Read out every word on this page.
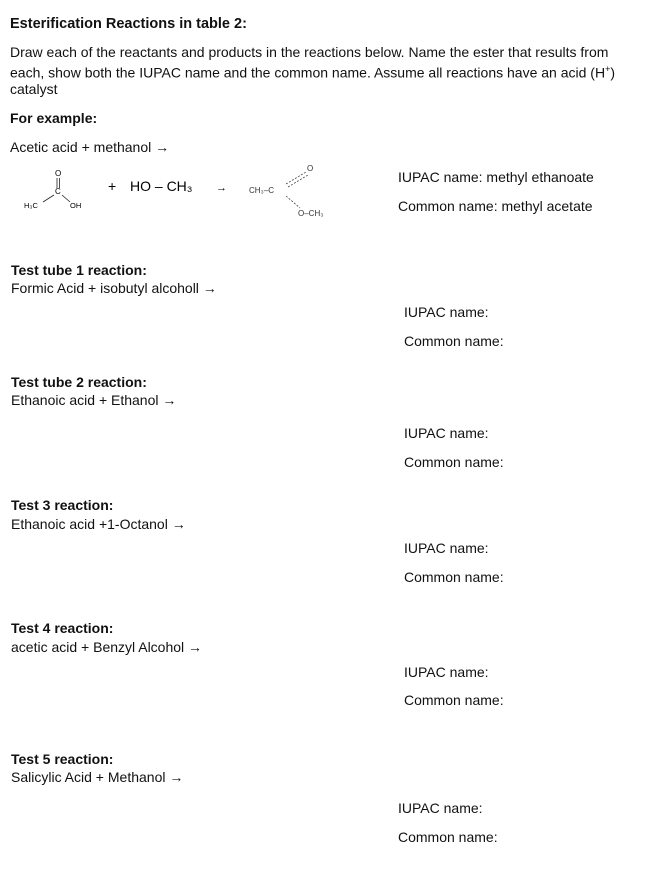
Esterification Reactions in table 2:
Draw each of the reactants and products in the reactions below. Name the ester that results from each, show both the IUPAC name and the common name. Assume all reactions have an acid (H+)
catalyst
For example:
Acetic acid + methanol →
O
C
H₃C	OH
+ HO – CH₃ →	CH₃–C
O
O–CH₃
IUPAC name: methyl ethanoate
Common name: methyl acetate
Test tube 1 reaction:
Formic Acid + isobutyl alcoholl →
IUPAC name:
Common name:
Test tube 2 reaction:
Ethanoic acid + Ethanol →
IUPAC name:
Common name:
Test 3 reaction:
Ethanoic acid +1-Octanol →
IUPAC name:
Common name:
Test 4 reaction:
acetic acid + Benzyl Alcohol →
IUPAC name:
Common name:
Test 5 reaction:
Salicylic Acid + Methanol →
IUPAC name:
Common name:
